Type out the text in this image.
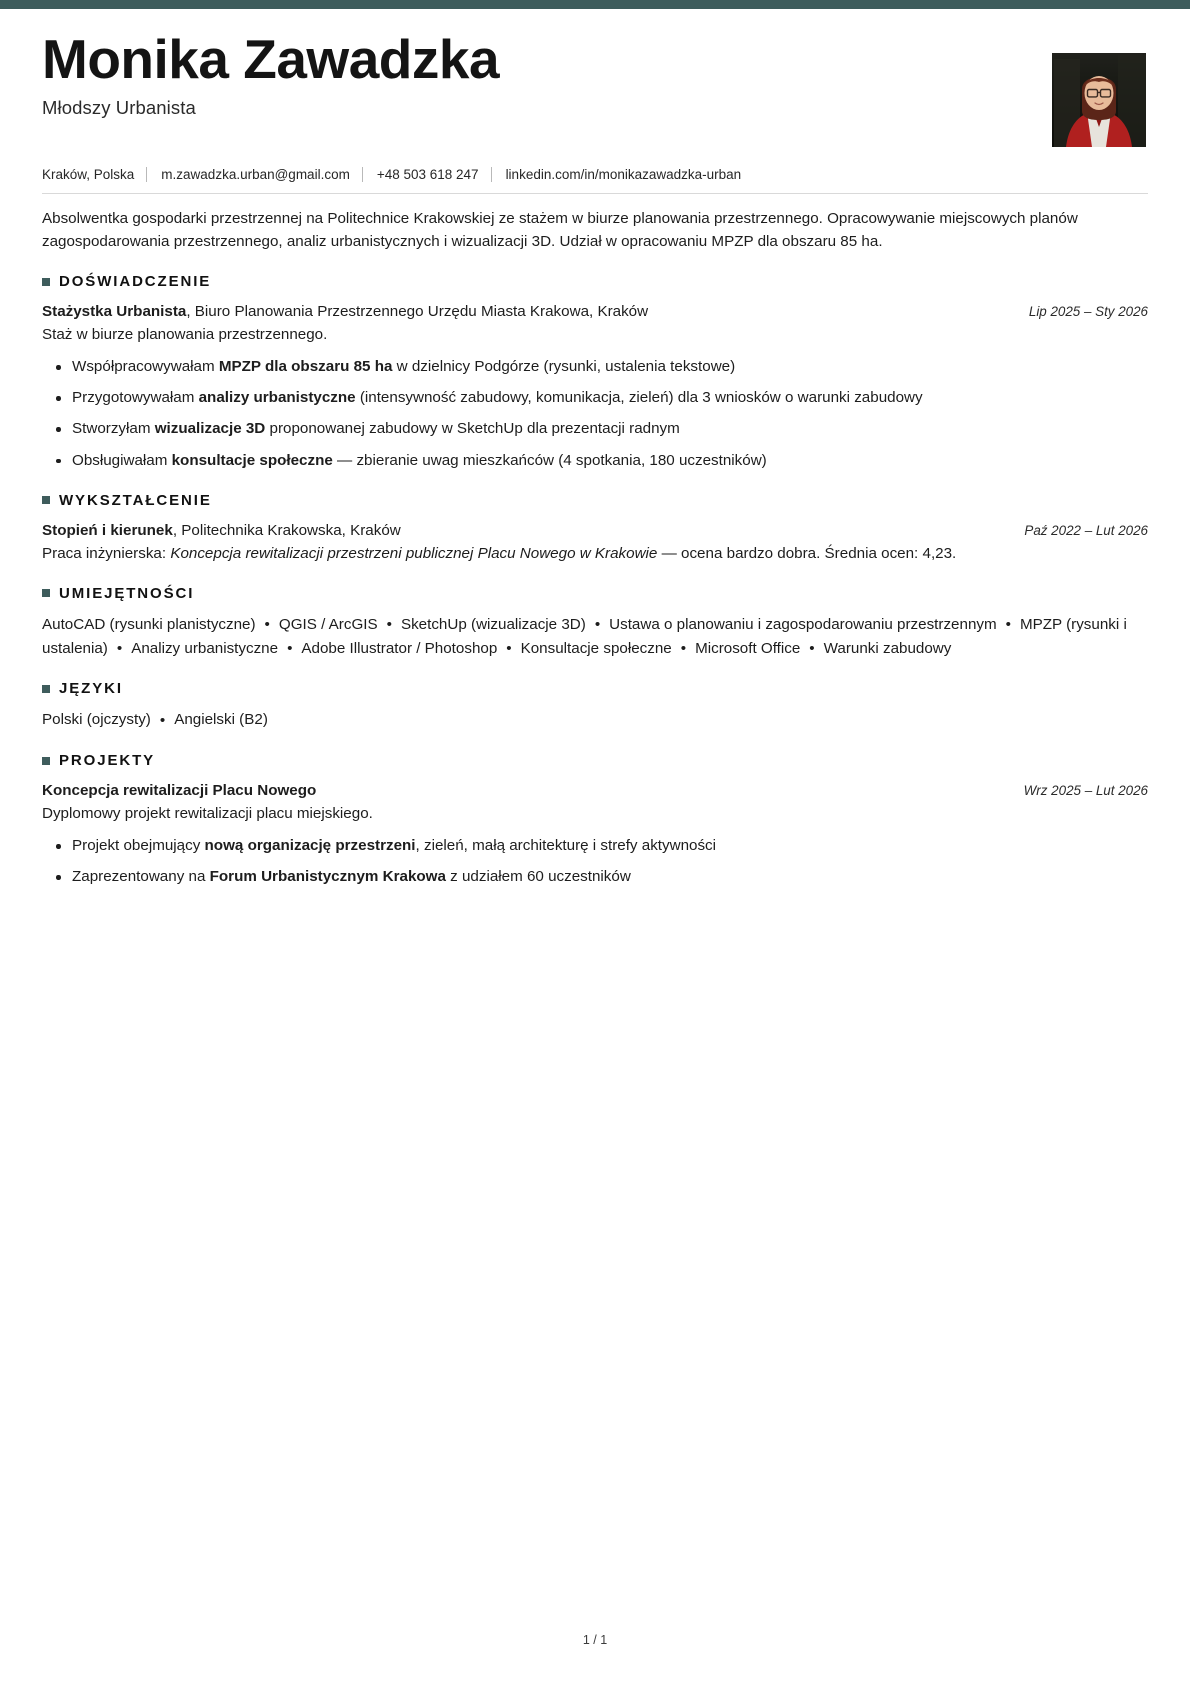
Monika Zawadzka
Młodszy Urbanista
Kraków, Polska m.zawadzka.urban@gmail.com +48 503 618 247 linkedin.com/in/monikazawadzka-urban
Absolwentka gospodarki przestrzennej na Politechnice Krakowskiej ze stażem w biurze planowania przestrzennego. Opracowywanie miejscowych planów zagospodarowania przestrzennego, analiz urbanistycznych i wizualizacji 3D. Udział w opracowaniu MPZP dla obszaru 85 ha.
DOŚWIADCZENIE
Stażystka Urbanista, Biuro Planowania Przestrzennego Urzędu Miasta Krakowa, Kraków	Lip 2025 – Sty 2026
Staż w biurze planowania przestrzennego.
Współpracowywałam MPZP dla obszaru 85 ha w dzielnicy Podgórze (rysunki, ustalenia tekstowe)
Przygotowywałam analizy urbanistyczne (intensywność zabudowy, komunikacja, zieleń) dla 3 wniosków o warunki zabudowy
Stworzyłam wizualizacje 3D proponowanej zabudowy w SketchUp dla prezentacji radnym
Obsługiwałam konsultacje społeczne — zbieranie uwag mieszkańców (4 spotkania, 180 uczestników)
WYKSZTAŁCENIE
Stopień i kierunek, Politechnika Krakowska, Kraków	Paź 2022 – Lut 2026
Praca inżynierska: Koncepcja rewitalizacji przestrzeni publicznej Placu Nowego w Krakowie — ocena bardzo dobra. Średnia ocen: 4,23.
UMIEJĘTNOŚCI
AutoCAD (rysunki planistyczne) • QGIS / ArcGIS • SketchUp (wizualizacje 3D) • Ustawa o planowaniu i zagospodarowaniu przestrzennym • MPZP (rysunki i ustalenia) • Analizy urbanistyczne • Adobe Illustrator / Photoshop • Konsultacje społeczne • Microsoft Office • Warunki zabudowy
JĘZYKI
Polski (ojczysty) • Angielski (B2)
PROJEKTY
Koncepcja rewitalizacji Placu Nowego	Wrz 2025 – Lut 2026
Dyplomowy projekt rewitalizacji placu miejskiego.
Projekt obejmujący nową organizację przestrzeni, zieleń, małą architekturę i strefy aktywności
Zaprezentowany na Forum Urbanistycznym Krakowa z udziałem 60 uczestników
1 / 1
